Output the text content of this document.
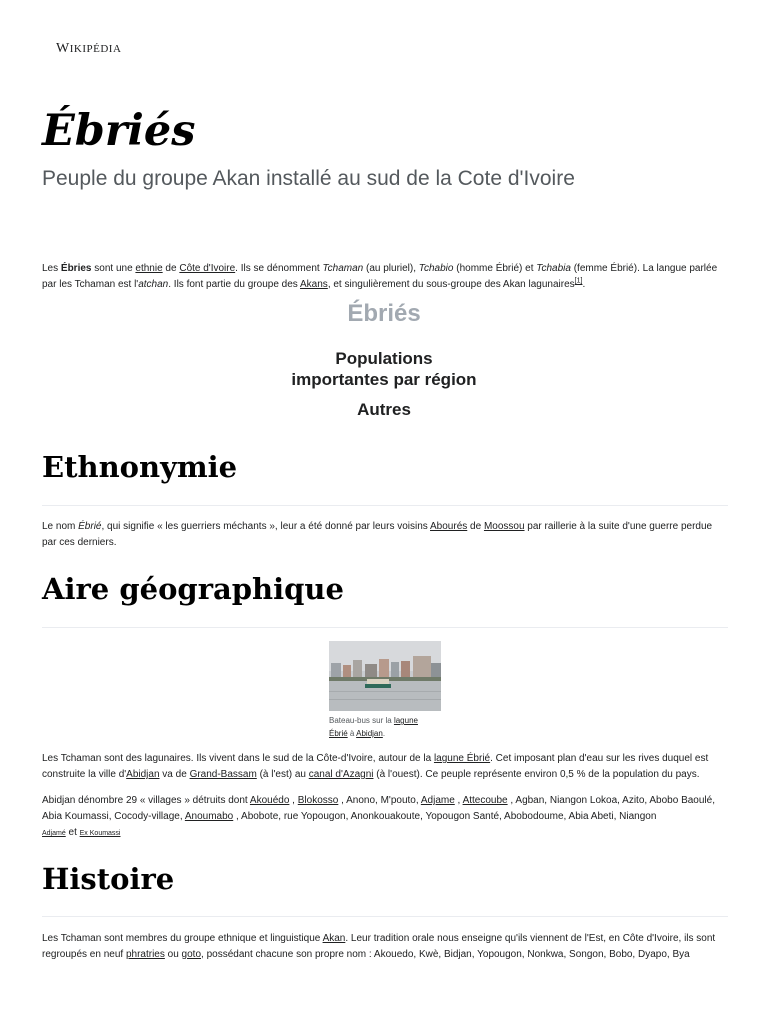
WIKIPÉDIA
Ébriés
Peuple du groupe Akan installé au sud de la Cote d'Ivoire

Les Ébries sont une ethnie de Côte d'Ivoire. Ils se dénomment Tchaman (au pluriel), Tchabio (homme Ébrié) et Tchabia (femme Ébrié). La langue parlée par les Tchaman est l'atchan. Ils font partie du groupe des Akans, et singulièrement du sous-groupe des Akan lagunaires[1].

Ébriés
Populations
importantes par région
Autres
Ethnonymie

Le nom Ébrié, qui signifie « les guerriers méchants », leur a été donné par leurs voisins Abourés de Moossou par raillerie à la suite d'une guerre perdue par ces derniers.

Aire géographique
Bateau-bus sur la lagune
Ébrié à Abidjan.

Les Tchaman sont des lagunaires. Ils vivent dans le sud de la Côte-d'Ivoire, autour de la lagune Ébrié. Cet imposant plan d'eau sur les rives duquel est construite la ville d'Abidjan va de Grand-Bassam (à l'est) au canal d'Azagni (à l'ouest). Ce peuple représente environ 0,5 % de la population du pays.

Abidjan dénombre 29 « villages » détruits dont Akouédo , Blokosso , Anono, M'pouto, Adjame , Attecoube , Agban, Niangon Lokoa, Azito, Abobo Baoulé, Abia Koumassi, Cocody-village, Anoumabo , Abobote, rue Yopougon, Anonkouakoute, Yopougon Santé, Abobodoume, Abia Abeti, Niangon
Adjamé et Ex Koumassi

Histoire

Les Tchaman sont membres du groupe ethnique et linguistique Akan. Leur tradition orale nous enseigne qu'ils viennent de l'Est, en Côte d'Ivoire, ils sont regroupés en neuf phratries ou goto, possédant chacune son propre nom : Akouedo, Kwè, Bidjan, Yopougon, Nonkwa, Songon, Bobo, Dyapo, Bya
